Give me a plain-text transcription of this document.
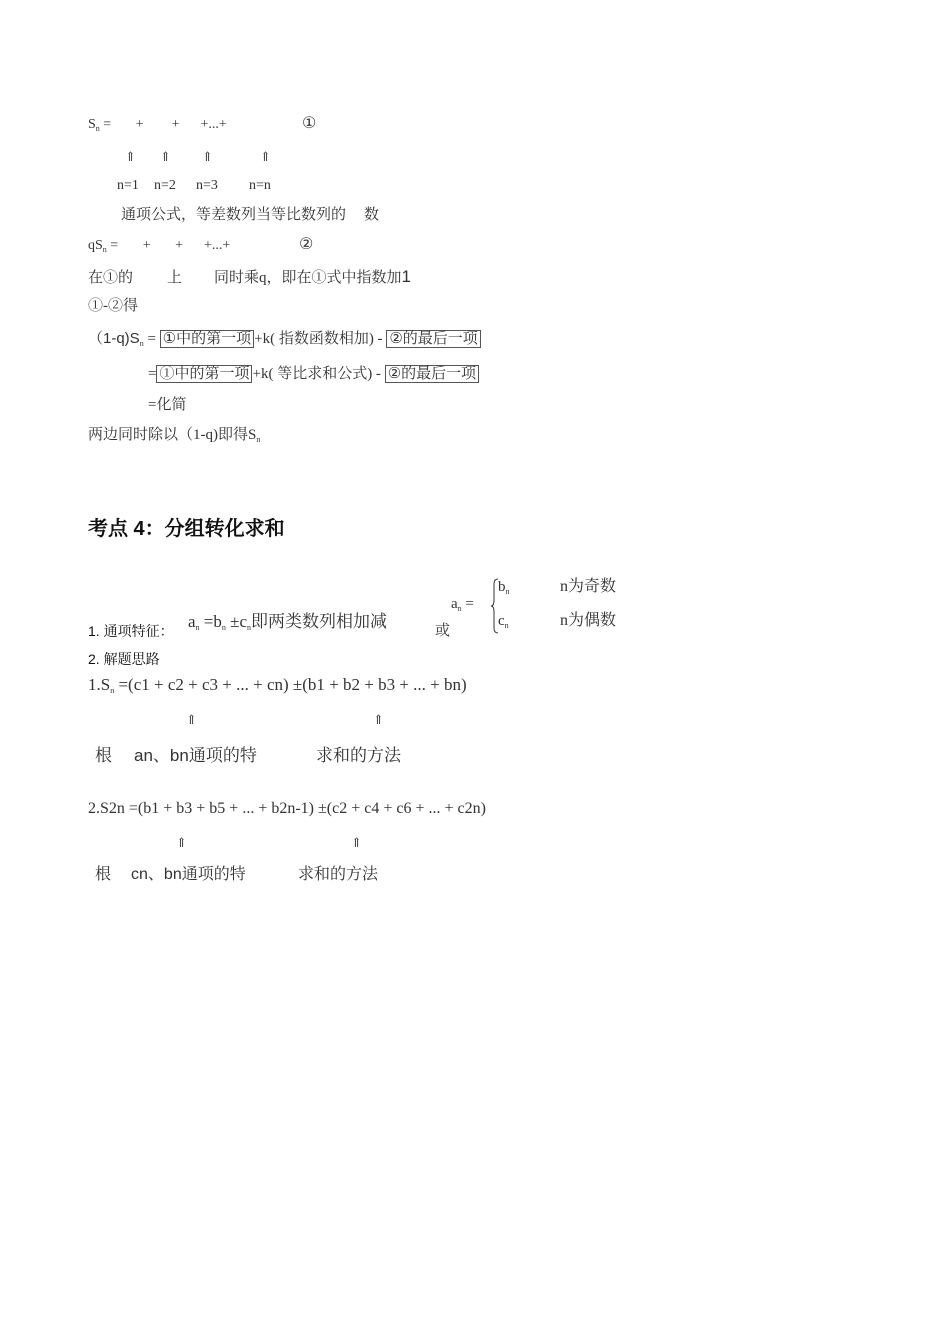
$S_n$ =       +        +      +...+	①
⇑ ⇑ ⇑	⇑
n=1 n=2 n=3 n=n
通项公式，等差数列当等比数列的 数
$qS_n$ =       +       +      +...+	②
在①的 上 同时乘q，即在①式中指数加1
①-②得
$(1-q)S_n$ = ①中的第一项 +k( 指数函数相加) - ②的最后一项
= ①中的第一项 +k( 等比求和公式) - ②的最后一项
=化简
两边同时除以（1-q)即得$S_n$
考点 4：分组转化求和
$a_n =b_n \pm c_n$即两类数列相加减
1. 通项特征：	或
$a_n$ =
$b_n$	n为奇数
$c_n$	n为偶数
2. 解题思路
$1.S_n =(c1 + c2 + c3$ + ... + cn) ±(b1 + b2 + b3 + ... + bn)
⇑	⇑
根 an、bn通项的特	求和的方法
2.S2n =(b1 + b3 + b5 + ... + b2n-1) ±(c2 + c4 + c6 + ... + c2n)
⇑	⇑
根 cn、bn通项的特	求和的方法
